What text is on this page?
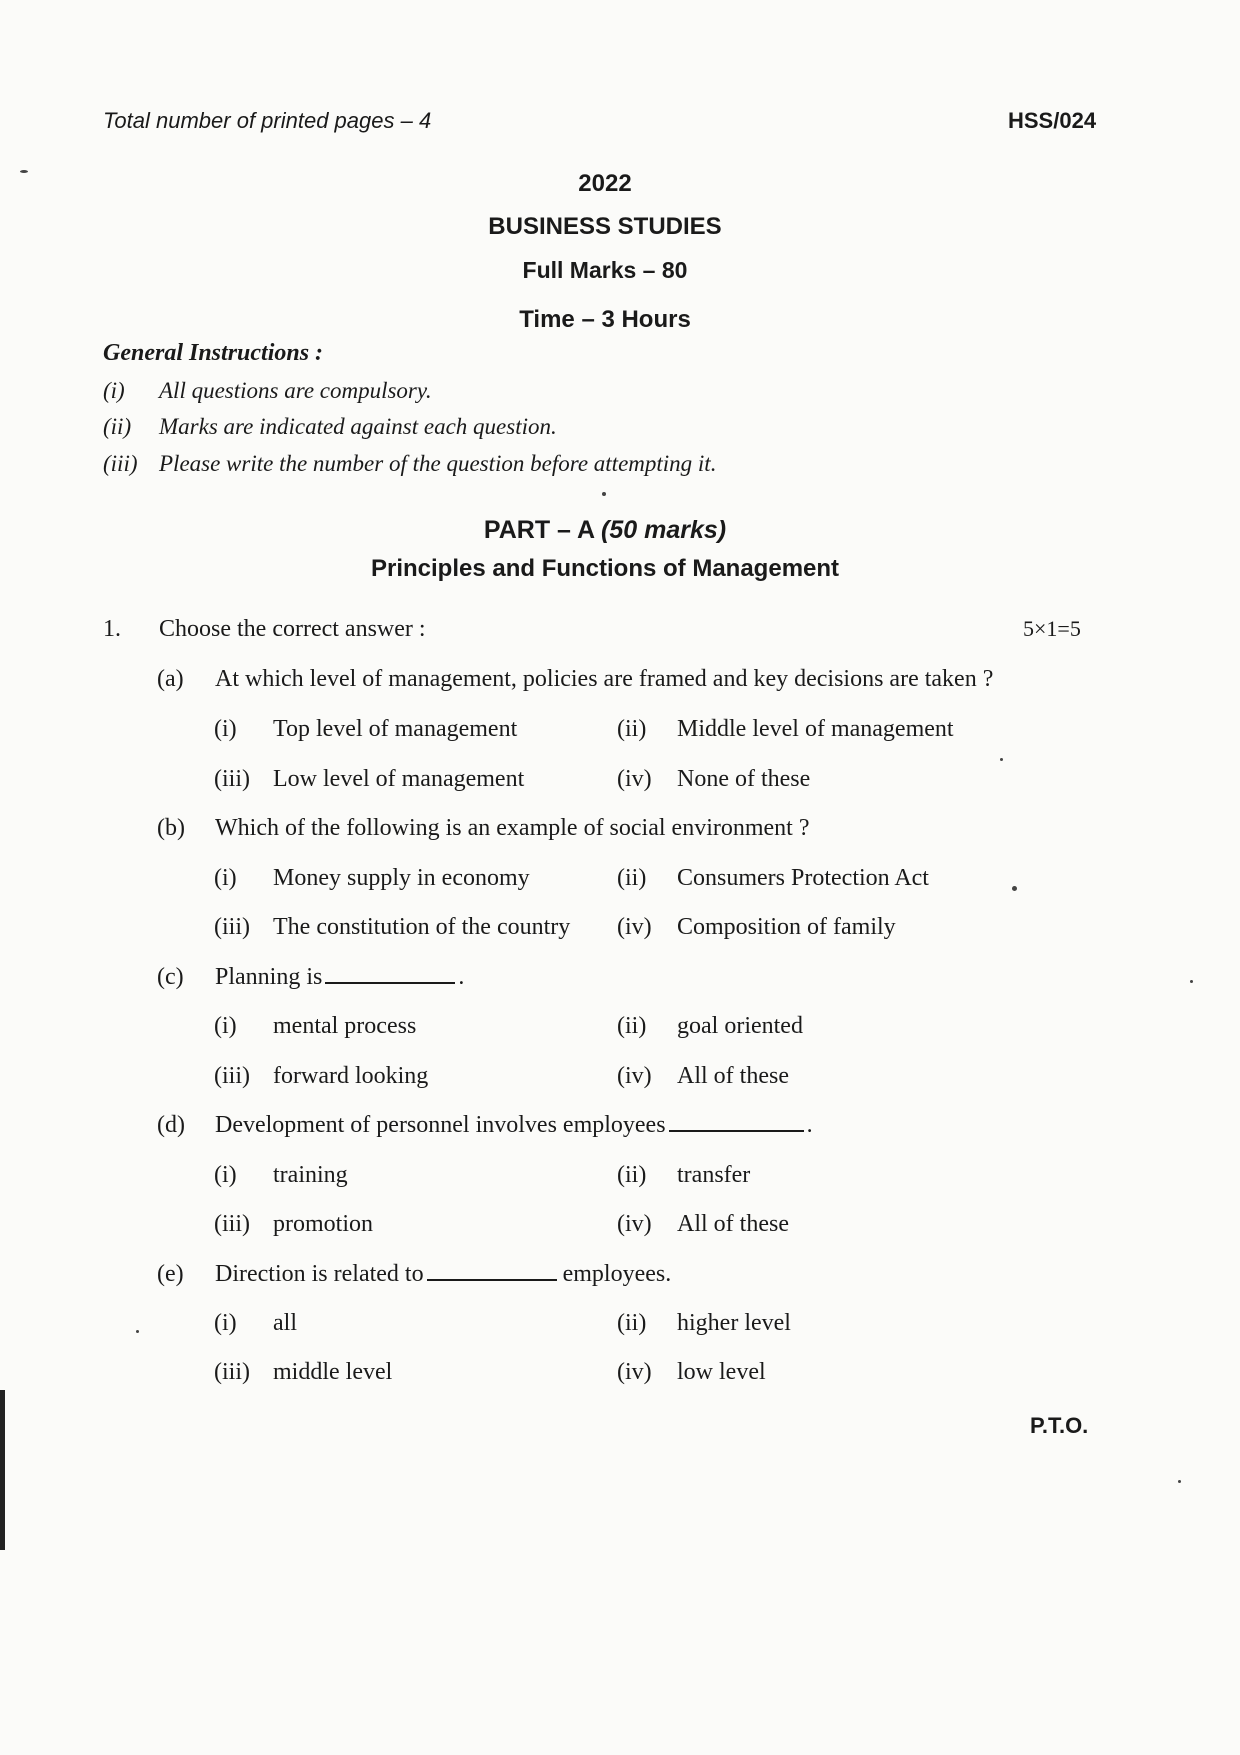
Total number of printed pages – 4	HSS/024
2022
BUSINESS STUDIES
Full Marks – 80
Time – 3 Hours
General Instructions :
(i) All questions are compulsory.
(ii) Marks are indicated against each question.
(iii) Please write the number of the question before attempting it.
PART – A (50 marks)
Principles and Functions of Management
1. Choose the correct answer :	5×1=5
(a) At which level of management, policies are framed and key decisions are taken ?
(i) Top level of management	(ii) Middle level of management
(iii) Low level of management	(iv) None of these
(b) Which of the following is an example of social environment ?
(i) Money supply in economy	(ii) Consumers Protection Act
(iii) The constitution of the country (iv) Composition of family
(c) Planning is	.
(i) mental process	(ii) goal oriented
(iii) forward looking	(iv) All of these
(d) Development of personnel involves employees	.
(i) training	(ii) transfer
(iii) promotion	(iv) All of these
(e) Direction is related to	employees.
(i) all	(ii) higher level
(iii) middle level	(iv) low level
P.T.O.
